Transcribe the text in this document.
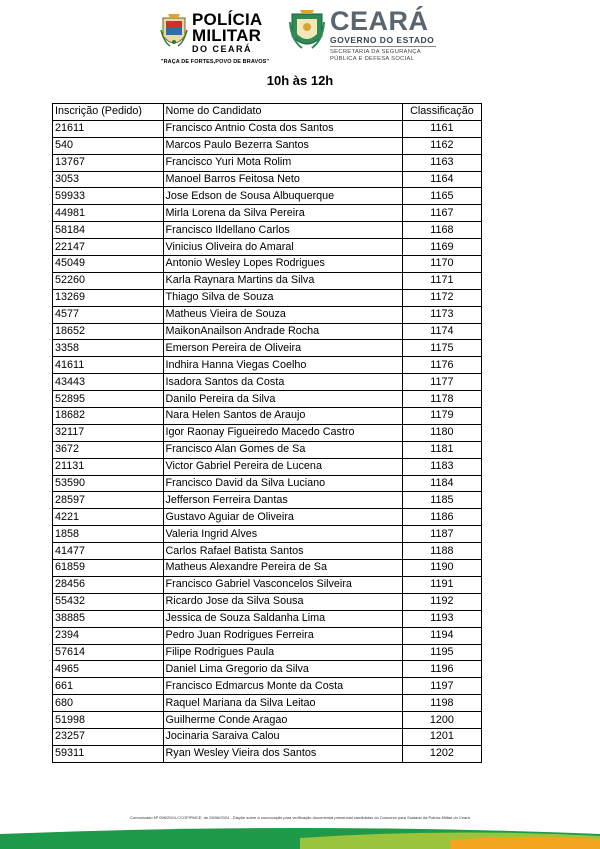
POLÍCIA
MILITAR
DO CEARÁ
"RAÇA DE FORTES,POVO DE BRAVOS"
CEARÁ
GOVERNO DO ESTADO
SECRETARIA DA SEGURANÇA
PÚBLICA E DEFESA SOCIAL
10h às 12h
Inscrição (Pedido)	Nome do Candidato	Classificação
21611	Francisco Antnio Costa dos Santos	1161
540	Marcos Paulo Bezerra Santos	1162
13767	Francisco Yuri Mota Rolim	1163
3053	Manoel Barros Feitosa Neto	1164
59933	Jose Edson de Sousa Albuquerque	1165
44981	Mirla Lorena da Silva Pereira	1167
58184	Francisco Ildellano Carlos	1168
22147	Vinicius Oliveira do Amaral	1169
45049	Antonio Wesley Lopes Rodrigues	1170
52260	Karla Raynara Martins da Silva	1171
13269	Thiago Silva de Souza	1172
4577	Matheus Vieira de Souza	1173
18652	MaikonAnailson Andrade Rocha	1174
3358	Emerson Pereira de Oliveira	1175
41611	Indhira Hanna Viegas Coelho	1176
43443	Isadora Santos da Costa	1177
52895	Danilo Pereira da Silva	1178
18682	Nara Helen Santos de Araujo	1179
32117	Igor Raonay Figueiredo Macedo Castro	1180
3672	Francisco Alan Gomes de Sa	1181
21131	Victor Gabriel Pereira de Lucena	1183
53590	Francisco David da Silva Luciano	1184
28597	Jefferson Ferreira Dantas	1185
4221	Gustavo Aguiar de Oliveira	1186
1858	Valeria Ingrid Alves	1187
41477	Carlos Rafael Batista Santos	1188
61859	Matheus Alexandre Pereira de Sa	1190
28456	Francisco Gabriel Vasconcelos Silveira	1191
55432	Ricardo Jose da Silva Sousa	1192
38885	Jessica de Souza Saldanha Lima	1193
2394	Pedro Juan Rodrigues Ferreira	1194
57614	Filipe Rodrigues Paula	1195
4965	Daniel Lima Gregorio da Silva	1196
661	Francisco Edmarcus Monte da Costa	1197
680	Raquel Mariana da Silva Leitao	1198
51998	Guilherme Conde Aragao	1200
23257	Jocinaria Saraiva Calou	1201
59311	Ryan Wesley Vieira dos Santos	1202
Comunicado Nº 098/2024-CCOP/PMCE, de 25/06/2024 - Dispõe sobre a convocação para verificação documental presencial candidatos do Concurso para Soldado da Polícia Militar do Ceará
